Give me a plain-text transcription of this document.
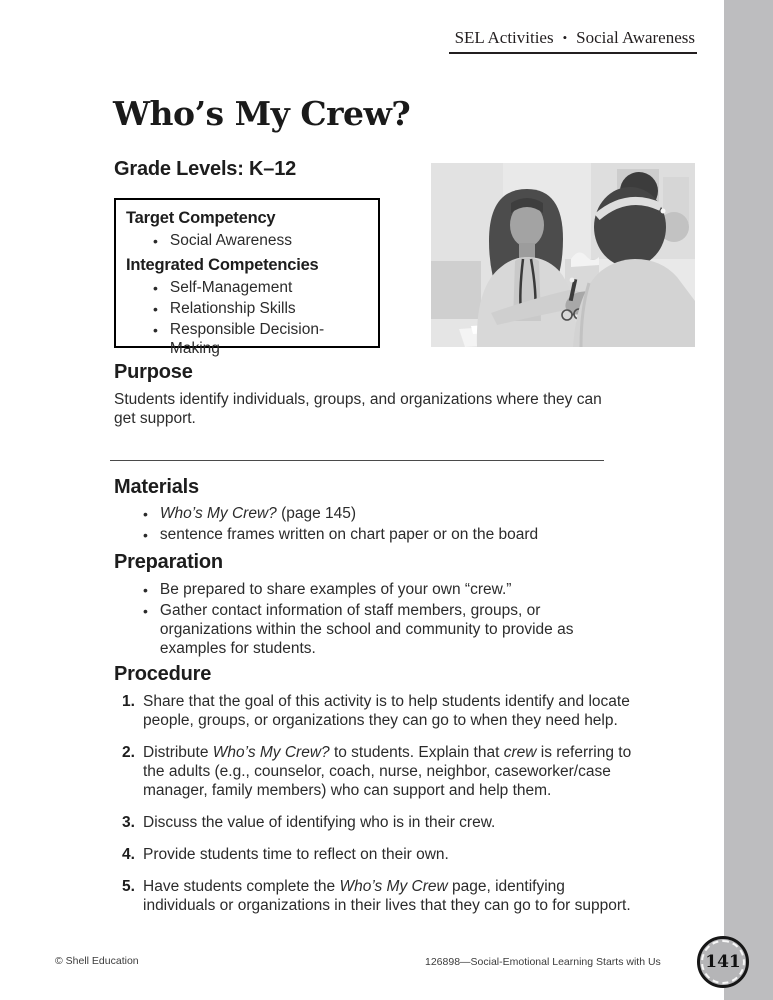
SEL Activities • Social Awareness
Who’s My Crew?
Grade Levels: K–12
Target Competency
• Social Awareness
Integrated Competencies
• Self-Management
• Relationship Skills
• Responsible Decision-Making
Purpose
Students identify individuals, groups, and organizations where they can get support.
Materials
• Who’s My Crew? (page 145)
• sentence frames written on chart paper or on the board
Preparation
• Be prepared to share examples of your own “crew.”
• Gather contact information of staff members, groups, or organizations within the school and community to provide as examples for students.
Procedure
1. Share that the goal of this activity is to help students identify and locate people, groups, or organizations they can go to when they need help.
2. Distribute Who’s My Crew? to students. Explain that crew is referring to the adults (e.g., counselor, coach, nurse, neighbor, caseworker/case manager, family members) who can support and help them.
3. Discuss the value of identifying who is in their crew.
4. Provide students time to reflect on their own.
5. Have students complete the Who’s My Crew page, identifying individuals or organizations in their lives that they can go to for support.
© Shell Education	126898—Social-Emotional Learning Starts with Us	141
